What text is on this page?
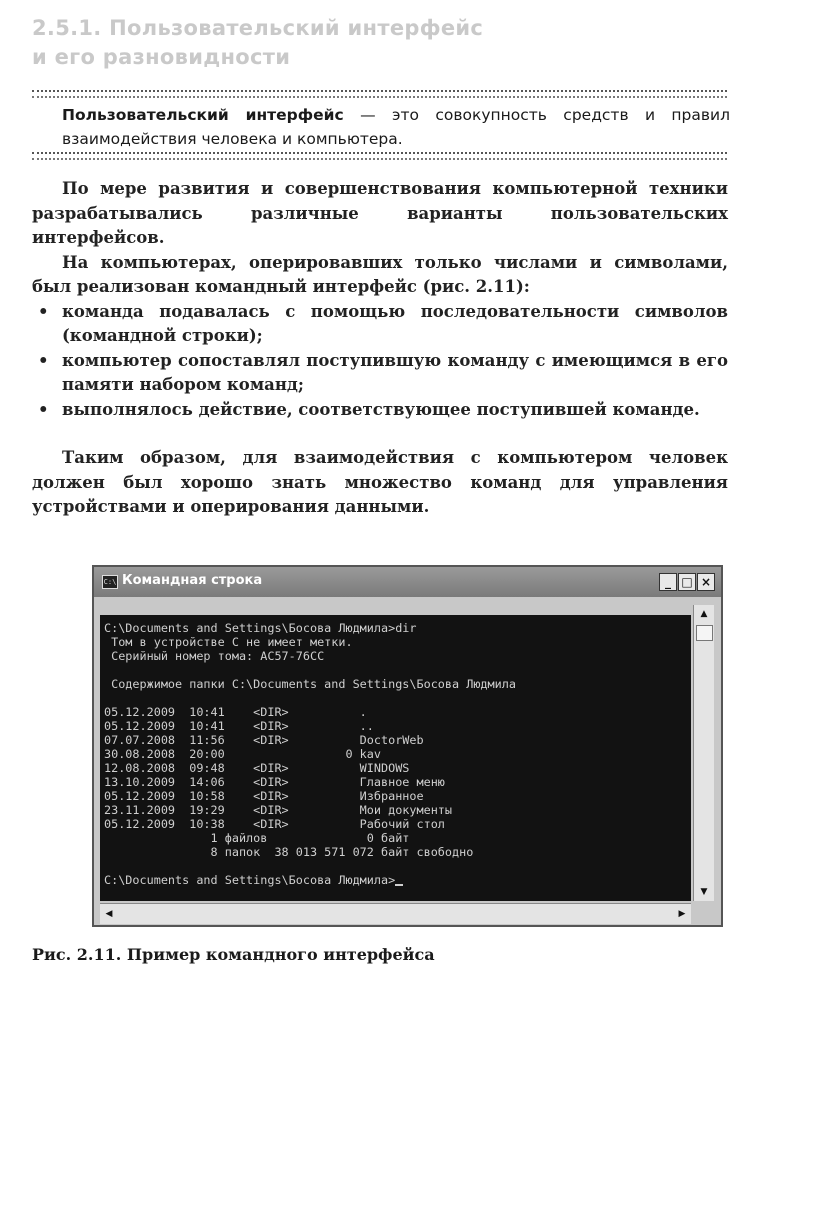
2.5.1. Пользовательский интерфейс
и его разновидности
Пользовательский интерфейс — это совокупность средств и правил взаимодействия человека и компьютера.

По мере развития и совершенствования компьютерной техники разрабатывались различные варианты пользовательских интерфейсов.

На компьютерах, оперировавших только числами и символами, был реализован командный интерфейс (рис. 2.11):

• команда подавалась с помощью последовательности символов (командной строки);
• компьютер сопоставлял поступившую команду с имеющимся в его памяти набором команд;
• выполнялось действие, соответствующее поступившей команде.

Таким образом, для взаимодействия с компьютером человек должен был хорошо знать множество команд для управления устройствами и оперирования данными.

C:\ Командная строка	_ □ ×
C:\Documents and Settings\Босова Людмила>dir
Том в устройстве C не имеет метки.
Серийный номер тома: AC57-76CC
Содержимое папки C:\Documents and Settings\Босова Людмила
05.12.2009  10:41    <DIR>          .
05.12.2009  10:41    <DIR>          ..
07.07.2008  11:56    <DIR>          DoctorWeb
30.08.2008  20:00                 0 kav
12.08.2008  09:48    <DIR>          WINDOWS
13.10.2009  14:06    <DIR>          Главное меню
05.12.2009  10:58    <DIR>          Избранное
23.11.2009  19:29    <DIR>          Мои документы
05.12.2009  10:38    <DIR>          Рабочий стол
1 файлов              0 байт
8 папок  38 013 571 072 байт свободно
C:\Documents and Settings\Босова Людмила>
▲
▼
◀	▶
Рис. 2.11. Пример командного интерфейса
